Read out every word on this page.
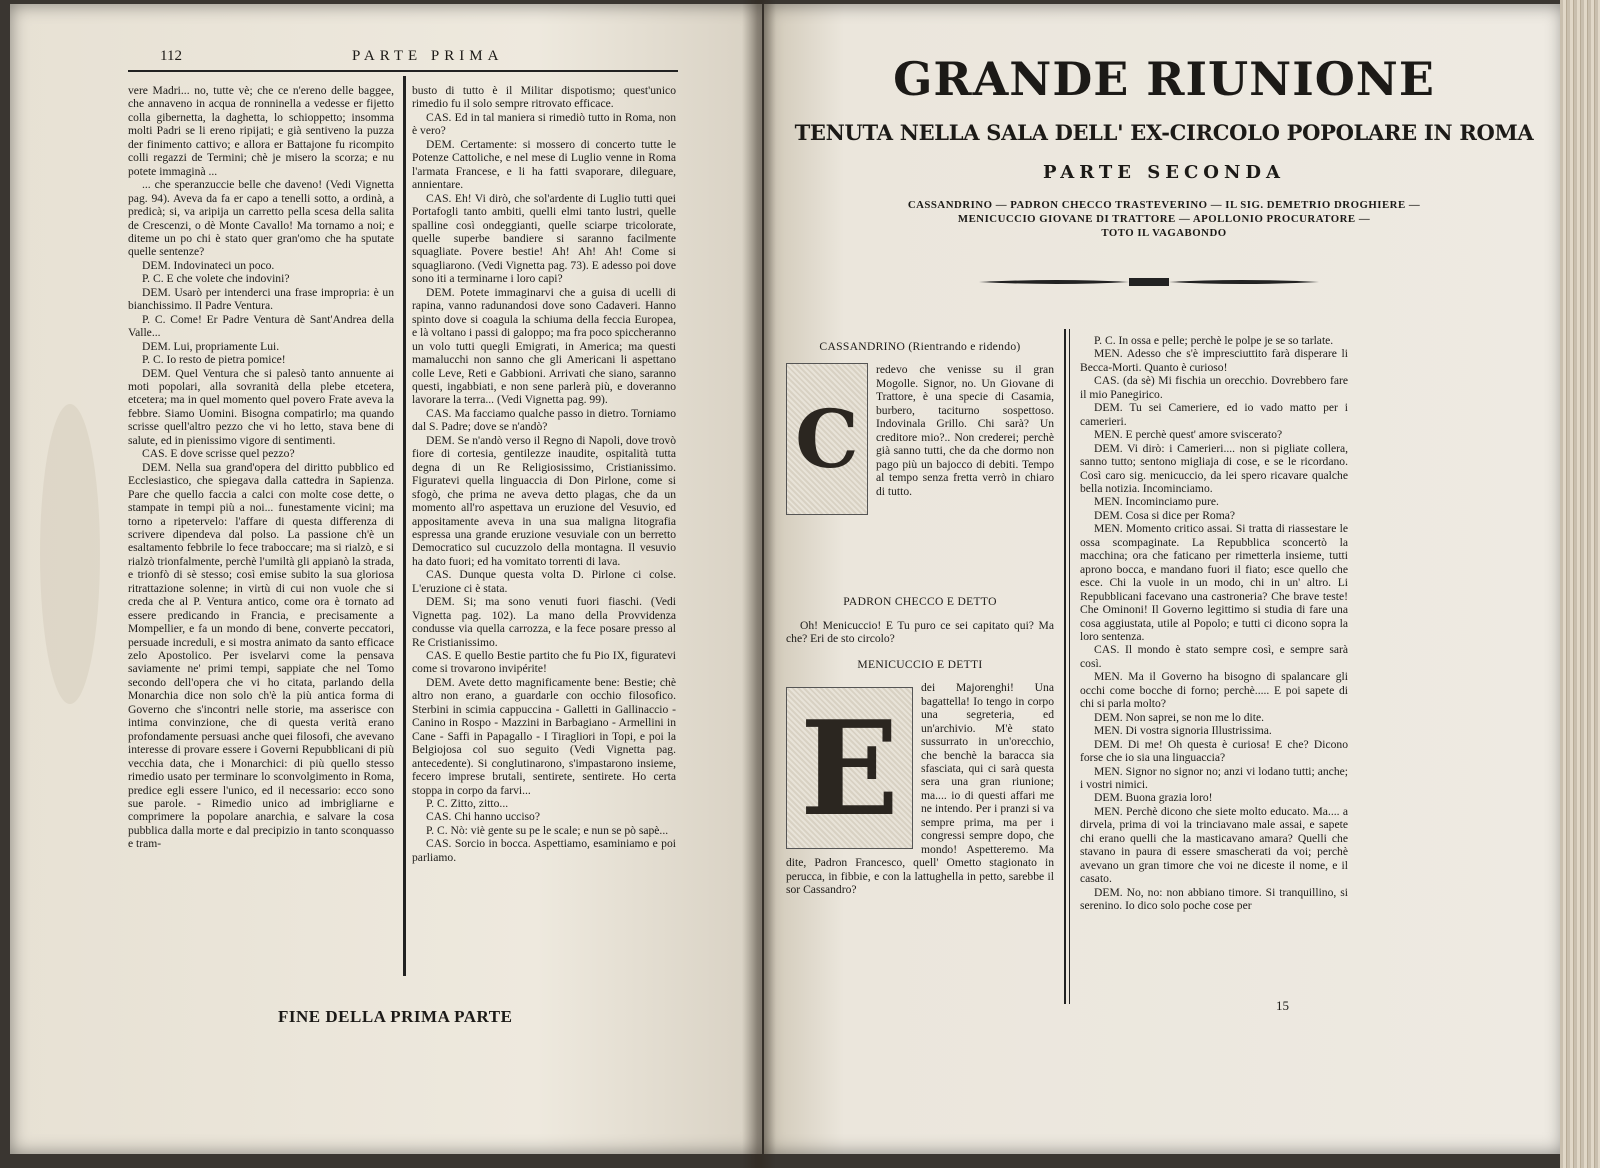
112	PARTE PRIMA

vere Madri... no, tutte vè; che ce n'ereno delle baggee, che annaveno in acqua de ronninella a vedesse er fijetto colla gibernetta, la daghetta, lo schioppetto; insomma molti Padri se li ereno ripijati; e già sentiveno la puzza der finimento cattivo; e allora er Battajone fu ricompito colli regazzi de Termini; chè je misero la scorza; e nu potete immaginà ...

... che speranzuccie belle che daveno! (Vedi Vignetta pag. 94). Aveva da fa er capo a tenelli sotto, a ordinà, a predicà; si, va aripija un carretto pella scesa della salita de Crescenzi, o dè Monte Cavallo! Ma tornamo a noi; e diteme un po chi è stato quer gran'omo che ha sputate quelle sentenze?

DEM. Indovinateci un poco.

P. C. E che volete che indovini?

DEM. Usarò per intenderci una frase impropria: è un bianchissimo. Il Padre Ventura.

P. C. Come! Er Padre Ventura dè Sant'Andrea della Valle...

DEM. Lui, propriamente Lui.

P. C. Io resto de pietra pomice!

DEM. Quel Ventura che si palesò tanto annuente ai moti popolari, alla sovranità della plebe etcetera, etcetera; ma in quel momento quel povero Frate aveva la febbre. Siamo Uomini. Bisogna compatirlo; ma quando scrisse quell'altro pezzo che vi ho letto, stava bene di salute, ed in pienissimo vigore di sentimenti.

CAS. E dove scrisse quel pezzo?

DEM. Nella sua grand'opera del diritto pubblico ed Ecclesiastico, che spiegava dalla cattedra in Sapienza. Pare che quello faccia a calci con molte cose dette, o stampate in tempi più a noi... funestamente vicini; ma torno a ripetervelo: l'affare di questa differenza di scrivere dipendeva dal polso. La passione ch'è un esaltamento febbrile lo fece traboccare; ma si rialzò, e si rialzò trionfalmente, perchè l'umiltà gli appianò la strada, e trionfò di sè stesso; così emise subito la sua gloriosa ritrattazione solenne; in virtù di cui non vuole che si creda che al P. Ventura antico, come ora è tornato ad essere predicando in Francia, e precisamente a Mompellier, e fa un mondo di bene, converte peccatori, persuade increduli, e si mostra animato da santo efficace zelo Apostolico. Per isvelarvi come la pensava saviamente ne' primi tempi, sappiate che nel Tomo secondo dell'opera che vi ho citata, parlando della Monarchia dice non solo ch'è la più antica forma di Governo che s'incontri nelle storie, ma asserisce con intima convinzione, che di questa verità erano profondamente persuasi anche quei filosofi, che avevano interesse di provare essere i Governi Repubblicani di più vecchia data, che i Monarchici: di più quello stesso rimedio usato per terminare lo sconvolgimento in Roma, predice egli essere l'unico, ed il necessario: ecco sono sue parole. - Rimedio unico ad imbrigliarne e comprimere la popolare anarchia, e salvare la cosa pubblica dalla morte e dal precipizio in tanto sconquasso e tram-

busto di tutto è il Militar dispotismo; quest'unico rimedio fu il solo sempre ritrovato efficace.

CAS. Ed in tal maniera si rimediò tutto in Roma, non è vero?

DEM. Certamente: si mossero di concerto tutte le Potenze Cattoliche, e nel mese di Luglio venne in Roma l'armata Francese, e li ha fatti svaporare, dileguare, annientare.

CAS. Eh! Vi dirò, che sol'ardente di Luglio tutti quei Portafogli tanto ambiti, quelli elmi tanto lustri, quelle spalline così ondeggianti, quelle sciarpe tricolorate, quelle superbe bandiere si saranno facilmente squagliate. Povere bestie! Ah! Ah! Ah! Come si squagliarono. (Vedi Vignetta pag. 73). E adesso poi dove sono iti a terminarne i loro capi?

DEM. Potete immaginarvi che a guisa di ucelli di rapina, vanno radunandosi dove sono Cadaveri. Hanno spinto dove si coagula la schiuma della feccia Europea, e là voltano i passi di galoppo; ma fra poco spiccheranno un volo tutti quegli Emigrati, in America; ma questi mamalucchi non sanno che gli Americani li aspettano colle Leve, Reti e Gabbioni. Arrivati che siano, saranno questi, ingabbiati, e non sene parlerà più, e doveranno lavorare la terra... (Vedi Vignetta pag. 99).

CAS. Ma facciamo qualche passo in dietro. Torniamo dal S. Padre; dove se n'andò?

DEM. Se n'andò verso il Regno di Napoli, dove trovò fiore di cortesia, gentilezze inaudite, ospitalità tutta degna di un Re Religiosissimo, Cristianissimo. Figuratevi quella linguaccia di Don Pirlone, come si sfogò, che prima ne aveva detto plagas, che da un momento all'ro aspettava un eruzione del Vesuvio, ed appositamente aveva in una sua maligna litografia espressa una grande eruzione vesuviale con un berretto Democratico sul cucuzzolo della montagna. Il vesuvio ha dato fuori; ed ha vomitato torrenti di lava.

CAS. Dunque questa volta D. Pirlone ci colse. L'eruzione ci è stata.

DEM. Si; ma sono venuti fuori fiaschi. (Vedi Vignetta pag. 102). La mano della Provvidenza condusse via quella carrozza, e la fece posare presso al Re Cristianissimo.

CAS. E quello Bestie partito che fu Pio IX, figuratevi come si trovarono invipérite!

DEM. Avete detto magnificamente bene: Bestie; chè altro non erano, a guardarle con occhio filosofico. Sterbini in scimia cappuccina - Galletti in Gallinaccio - Canino in Rospo - Mazzini in Barbagiano - Armellini in Cane - Saffi in Papagallo - I Tiragliori in Topi, e poi la Belgiojosa col suo seguito (Vedi Vignetta pag. antecedente). Si conglutinarono, s'impastarono insieme, fecero imprese brutali, sentirete, sentirete. Ho certa stoppa in corpo da farvi...

P. C. Zitto, zitto...

CAS. Chi hanno ucciso?

P. C. Nò: viè gente su pe le scale; e nun se pò sapè...

CAS. Sorcio in bocca. Aspettiamo, esaminiamo e poi parliamo.

FINE DELLA PRIMA PARTE
GRANDE RIUNIONE
TENUTA NELLA SALA DELL' EX-CIRCOLO POPOLARE IN ROMA
PARTE SECONDA
CASSANDRINO — PADRON CHECCO TRASTEVERINO — IL SIG. DEMETRIO DROGHIERE —
MENICUCCIO GIOVANE DI TRATTORE — APOLLONIO PROCURATORE —
TOTO IL VAGABONDO

CASSANDRINO (Rientrando e ridendo)

C

redevo che venisse su il gran Mogolle. Signor, no. Un Giovane di Trattore, è una specie di Casamia, burbero, taciturno sospettoso. Indovinala Grillo. Chi sarà? Un creditore mio?.. Non crederei; perchè già sanno tutti, che da che dormo non pago più un bajocco di debiti. Tempo al tempo senza fretta verrò in chiaro di tutto.

PADRON CHECCO E DETTO

Oh! Menicuccio! E Tu puro ce sei capitato qui? Ma che? Eri de sto circolo?

MENICUCCIO E DETTI

E

dei Majorenghi! Una bagattella! Io tengo in corpo una segreteria, ed un'archivio. M'è stato sussurrato in un'orecchio, che benchè la baracca sia sfasciata, qui ci sarà questa sera una gran riunione; ma.... io di questi affari me ne intendo. Per i pranzi si va sempre prima, ma per i congressi sempre dopo, che mondo! Aspetteremo. Ma dite, Padron Francesco, quell' Ometto stagionato in perucca, in fibbie, e con la lattughella in petto, sarebbe il sor Cassandro?

P. C. In ossa e pelle; perchè le polpe je se so tarlate.

MEN. Adesso che s'è impresciuttito farà disperare li Becca-Morti. Quanto è curioso!

CAS. (da sè) Mi fischia un orecchio. Dovrebbero fare il mio Panegirico.

DEM. Tu sei Cameriere, ed io vado matto per i camerieri.

MEN. E perchè quest' amore sviscerato?

DEM. Vi dirò: i Camerieri.... non si pigliate collera, sanno tutto; sentono migliaja di cose, e se le ricordano. Così caro sig. menicuccio, da lei spero ricavare qualche bella notizia. Incominciamo.

MEN. Incominciamo pure.

DEM. Cosa si dice per Roma?

MEN. Momento critico assai. Si tratta di riassestare le ossa scompaginate. La Repubblica sconcertò la macchina; ora che faticano per rimetterla insieme, tutti aprono bocca, e mandano fuori il fiato; esce quello che esce. Chi la vuole in un modo, chi in un' altro. Li Repubblicani facevano una castroneria? Che brave teste! Che Ominoni! Il Governo legittimo si studia di fare una cosa aggiustata, utile al Popolo; e tutti ci dicono sopra la loro sentenza.

CAS. Il mondo è stato sempre così, e sempre sarà così.

MEN. Ma il Governo ha bisogno di spalancare gli occhi come bocche di forno; perchè..... E poi sapete di chi si parla molto?

DEM. Non saprei, se non me lo dite.

MEN. Di vostra signoria Illustrissima.

DEM. Di me! Oh questa è curiosa! E che? Dicono forse che io sia una linguaccia?

MEN. Signor no signor no; anzi vi lodano tutti; anche; i vostri nimici.

DEM. Buona grazia loro!

MEN. Perchè dicono che siete molto educato. Ma.... a dirvela, prima di voi la trinciavano male assai, e sapete chi erano quelli che la masticavano amara? Quelli che stavano in paura di essere smascherati da voi; perchè avevano un gran timore che voi ne diceste il nome, e il casato.

DEM. No, no: non abbiano timore. Si tranquillino, si serenino. Io dico solo poche cose per

15
